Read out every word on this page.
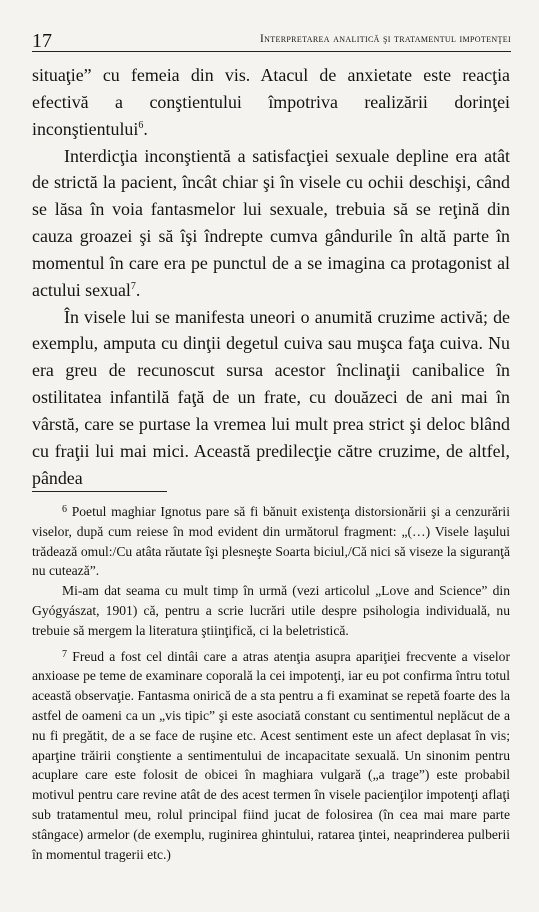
17	Interpretarea analitică şi tratamentul impotenţei

situaţie” cu femeia din vis. Atacul de anxietate este reacţia efectivă a conştientului împotriva realizării dorinţei inconştientului$^6$.

Interdicţia inconştientă a satisfacţiei sexuale depline era atât de strictă la pacient, încât chiar şi în visele cu ochii deschişi, când se lăsa în voia fantasmelor lui sexuale, trebuia să se reţină din cauza groazei şi să îşi îndrepte cumva gândurile în altă parte în momentul în care era pe punctul de a se imagina ca protagonist al actului sexual$^7$.

În visele lui se manifesta uneori o anumită cruzime activă; de exemplu, amputa cu dinţii degetul cuiva sau muşca faţa cuiva. Nu era greu de recunoscut sursa acestor înclinaţii canibalice în ostilitatea infantilă faţă de un frate, cu douăzeci de ani mai în vârstă, care se purtase la vremea lui mult prea strict şi deloc blând cu fraţii lui mai mici. Această predilecţie către cruzime, de altfel, pândea

$^6$ Poetul maghiar Ignotus pare să fi bănuit existenţa distorsionării şi a cenzurării viselor, după cum reiese în mod evident din următorul fragment: „(…) Visele laşului trădează omul:/Cu atâta răutate îşi plesneşte Soarta biciul,/Că nici să viseze la siguranţă nu cutează”.

Mi-am dat seama cu mult timp în urmă (vezi articolul „Love and Science” din Gyógyászat, 1901) că, pentru a scrie lucrări utile despre psihologia individuală, nu trebuie să mergem la literatura ştiinţifică, ci la beletristică.

$^7$ Freud a fost cel dintâi care a atras atenţia asupra apariţiei frecvente a viselor anxioase pe teme de examinare coporală la cei impotenţi, iar eu pot confirma întru totul această observaţie. Fantasma onirică de a sta pentru a fi examinat se repetă foarte des la astfel de oameni ca un „vis tipic” şi este asociată constant cu sentimentul neplăcut de a nu fi pregătit, de a se face de ruşine etc. Acest sentiment este un afect deplasat în vis; aparţine trăirii conştiente a sentimentului de incapacitate sexuală. Un sinonim pentru acuplare care este folosit de obicei în maghiara vulgară („a trage”) este probabil motivul pentru care revine atât de des acest termen în visele pacienţilor impotenţi aflaţi sub tratamentul meu, rolul principal fiind jucat de folosirea (în cea mai mare parte stângace) armelor (de exemplu, ruginirea ghintului, ratarea ţintei, neaprinderea pulberii în momentul tragerii etc.)
